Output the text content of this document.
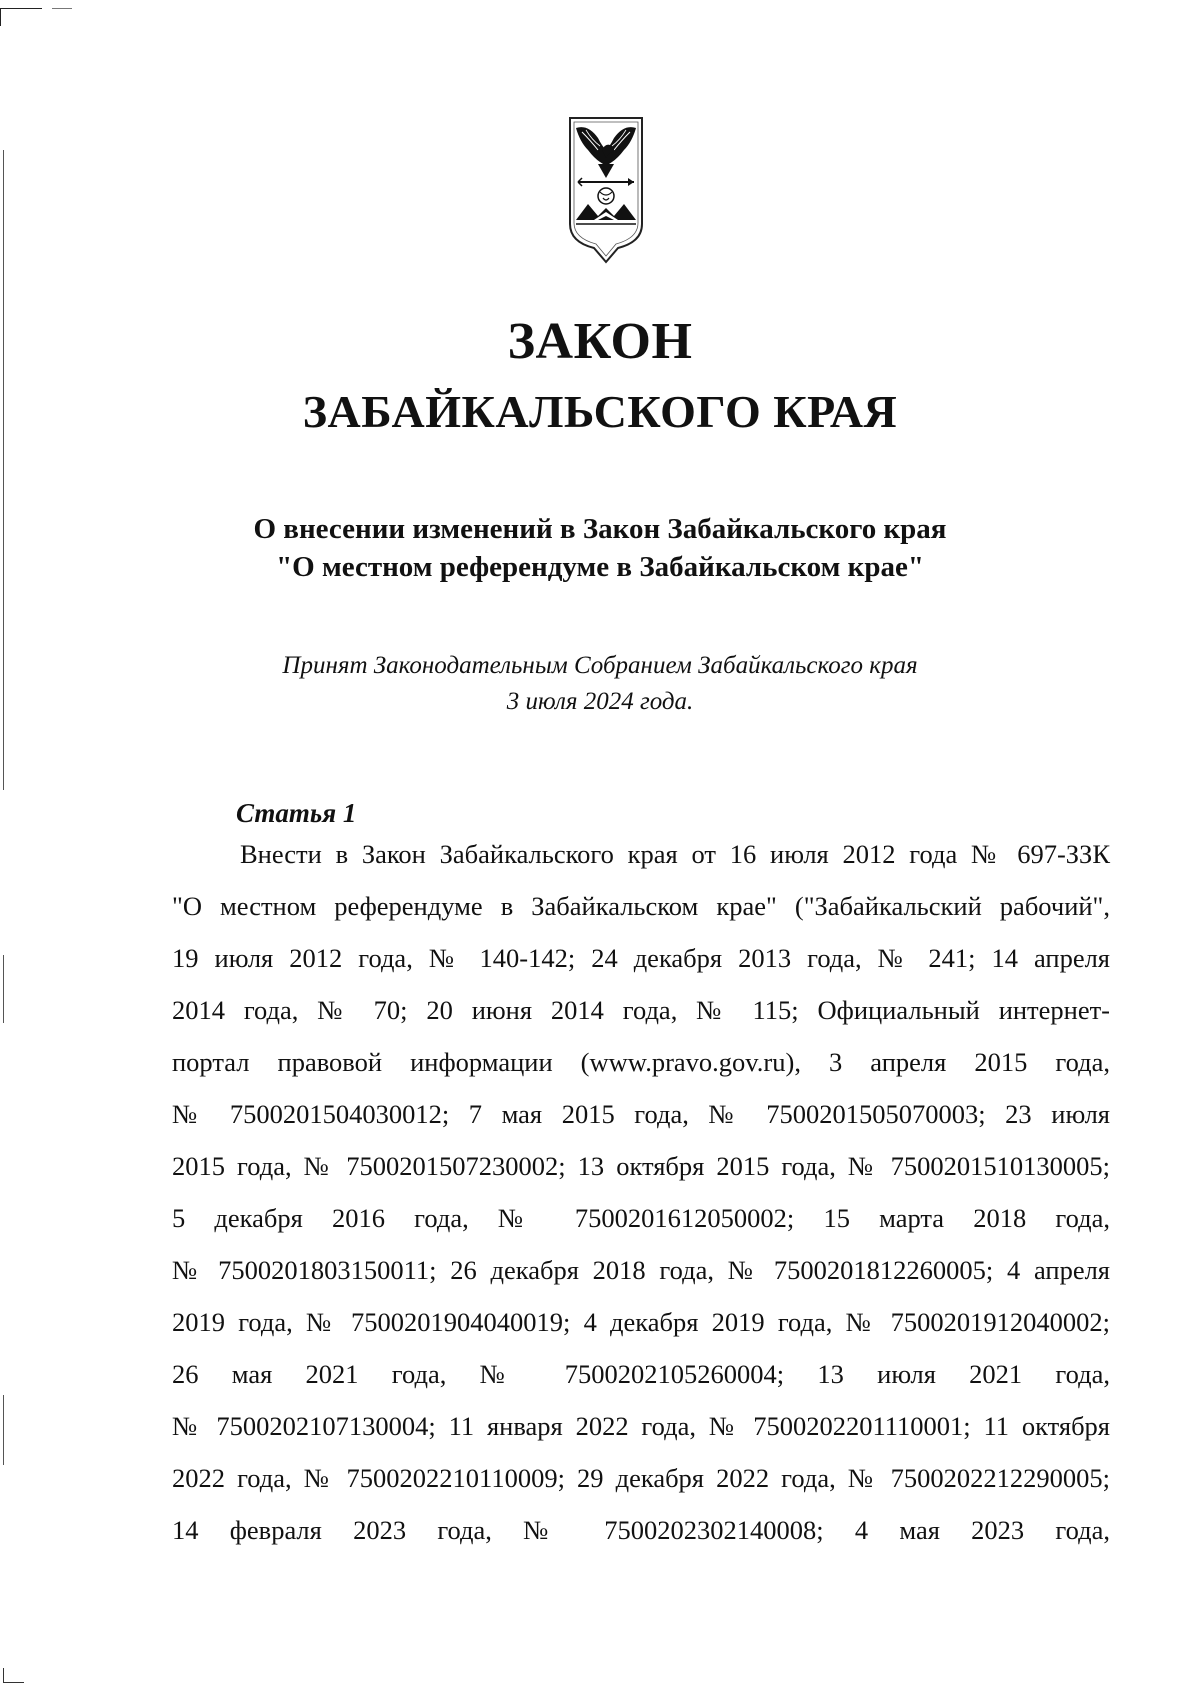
ЗАКОН
ЗАБАЙКАЛЬСКОГО КРАЯ
О внесении изменений в Закон Забайкальского края
"О местном референдуме в Забайкальском крае"
Принят Законодательным Собранием Забайкальского края
3 июля 2024 года.
Статья 1
Внести в Закон Забайкальского края от 16 июля 2012 года № 697-ЗЗК
"О местном референдуме в Забайкальском крае" ("Забайкальский рабочий",
19 июля 2012 года, № 140-142; 24 декабря 2013 года, № 241; 14 апреля
2014 года, № 70; 20 июня 2014 года, № 115; Официальный интернет-
портал правовой информации (www.pravo.gov.ru), 3 апреля 2015 года,
№ 7500201504030012; 7 мая 2015 года, № 7500201505070003; 23 июля
2015 года, № 7500201507230002; 13 октября 2015 года, № 7500201510130005;
5 декабря 2016 года, № 7500201612050002; 15 марта 2018 года,
№ 7500201803150011; 26 декабря 2018 года, № 7500201812260005; 4 апреля
2019 года, № 7500201904040019; 4 декабря 2019 года, № 7500201912040002;
26 мая 2021 года, № 7500202105260004; 13 июля 2021 года,
№ 7500202107130004; 11 января 2022 года, № 7500202201110001; 11 октября
2022 года, № 7500202210110009; 29 декабря 2022 года, № 7500202212290005;
14 февраля 2023 года, № 7500202302140008; 4 мая 2023 года,
